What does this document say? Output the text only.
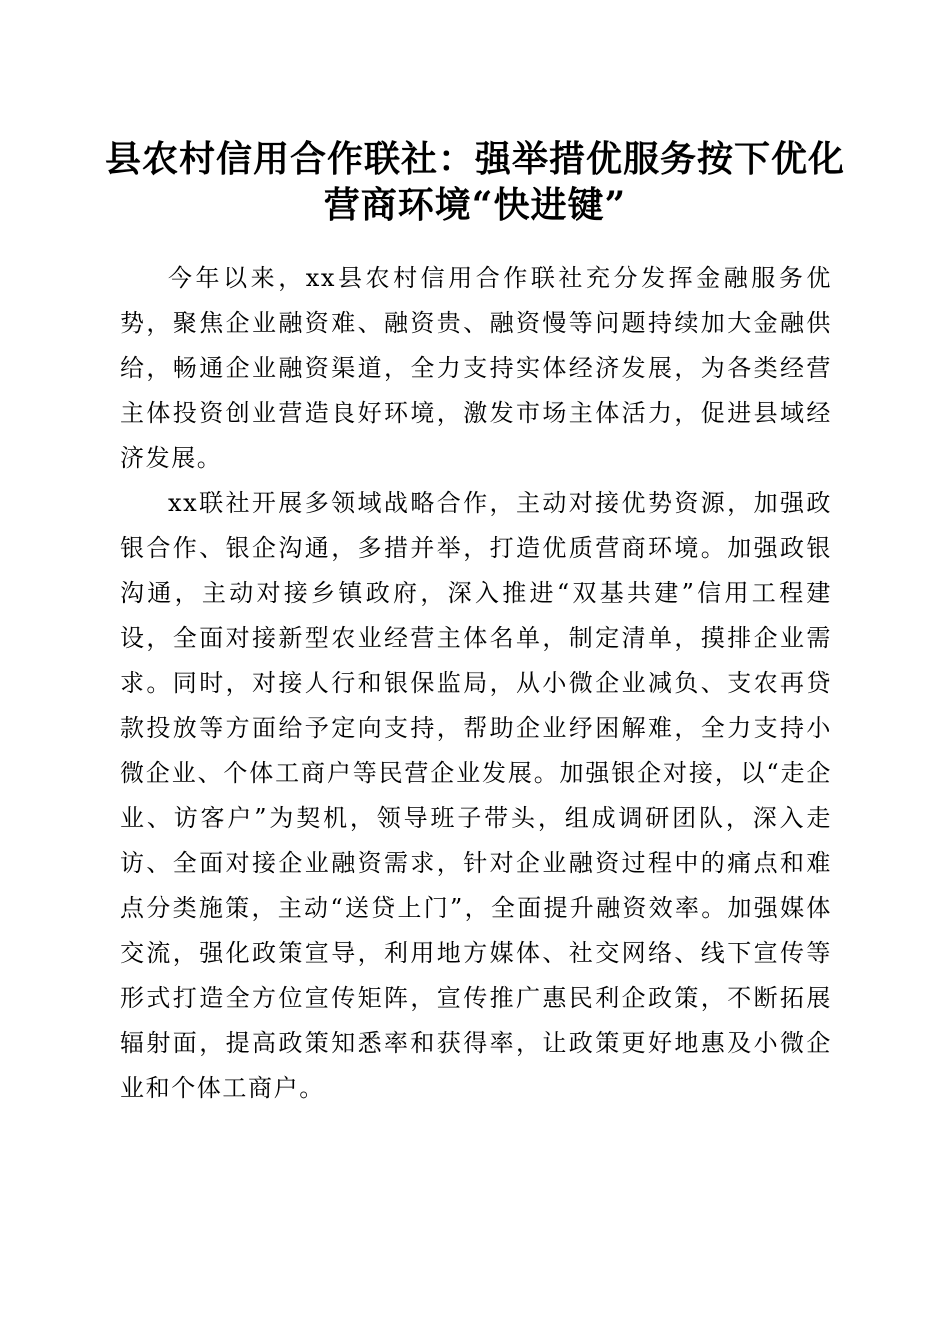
县农村信用合作联社：强举措优服务按下优化
营商环境“快进键”

今年以来，xx县农村信用合作联社充分发挥金融服务优势，聚焦企业融资难、融资贵、融资慢等问题持续加大金融供给，畅通企业融资渠道，全力支持实体经济发展，为各类经营主体投资创业营造良好环境，激发市场主体活力，促进县域经济发展。

xx联社开展多领域战略合作，主动对接优势资源，加强政银合作、银企沟通，多措并举，打造优质营商环境。加强政银沟通，主动对接乡镇政府，深入推进“双基共建”信用工程建设，全面对接新型农业经营主体名单，制定清单，摸排企业需求。同时，对接人行和银保监局，从小微企业减负、支农再贷款投放等方面给予定向支持，帮助企业纾困解难，全力支持小微企业、个体工商户等民营企业发展。加强银企对接，以“走企业、访客户”为契机，领导班子带头，组成调研团队，深入走访、全面对接企业融资需求，针对企业融资过程中的痛点和难点分类施策，主动“送贷上门”，全面提升融资效率。加强媒体交流，强化政策宣导，利用地方媒体、社交网络、线下宣传等形式打造全方位宣传矩阵，宣传推广惠民利企政策，不断拓展辐射面，提高政策知悉率和获得率，让政策更好地惠及小微企业和个体工商户。
